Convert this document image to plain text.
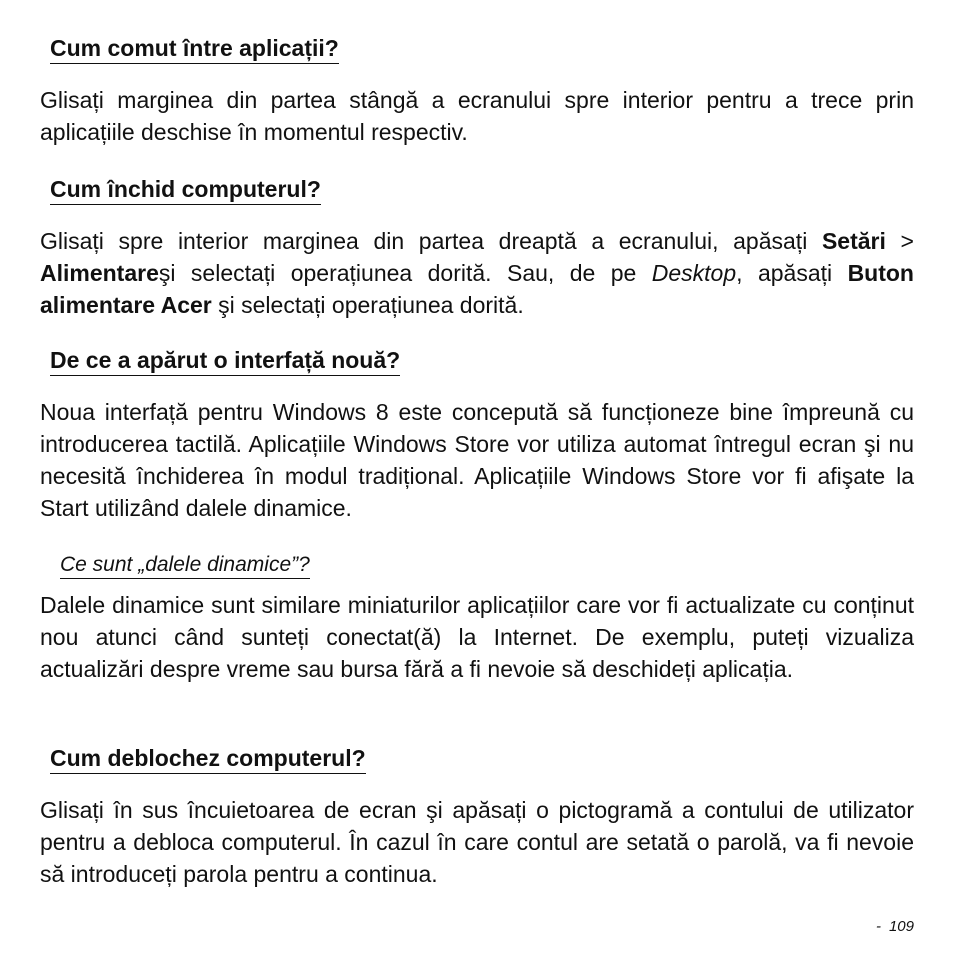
Cum comut între aplicații?

Glisați marginea din partea stângă a ecranului spre interior pentru a trece prin aplicațiile deschise în momentul respectiv.

Cum închid computerul?

Glisați spre interior marginea din partea dreaptă a ecranului, apăsați Setări > Alimentareşi selectați operațiunea dorită. Sau, de pe Desktop, apăsați Buton alimentare Acer şi selectați operațiunea dorită.

De ce a apărut o interfață nouă?

Noua interfață pentru Windows 8 este concepută să funcționeze bine împreună cu introducerea tactilă. Aplicațiile Windows Store vor utiliza automat întregul ecran şi nu necesită închiderea în modul tradițional. Aplicațiile Windows Store vor fi afişate la Start utilizând dalele dinamice.

Ce sunt „dalele dinamice”?

Dalele dinamice sunt similare miniaturilor aplicațiilor care vor fi actualizate cu conținut nou atunci când sunteți conectat(ă) la Internet. De exemplu, puteți vizualiza actualizări despre vreme sau bursa fără a fi nevoie să deschideți aplicația.

Cum deblochez computerul?

Glisați în sus încuietoarea de ecran şi apăsați o pictogramă a contului de utilizator pentru a debloca computerul. În cazul în care contul are setată o parolă, va fi nevoie să introduceți parola pentru a continua.

- 109
